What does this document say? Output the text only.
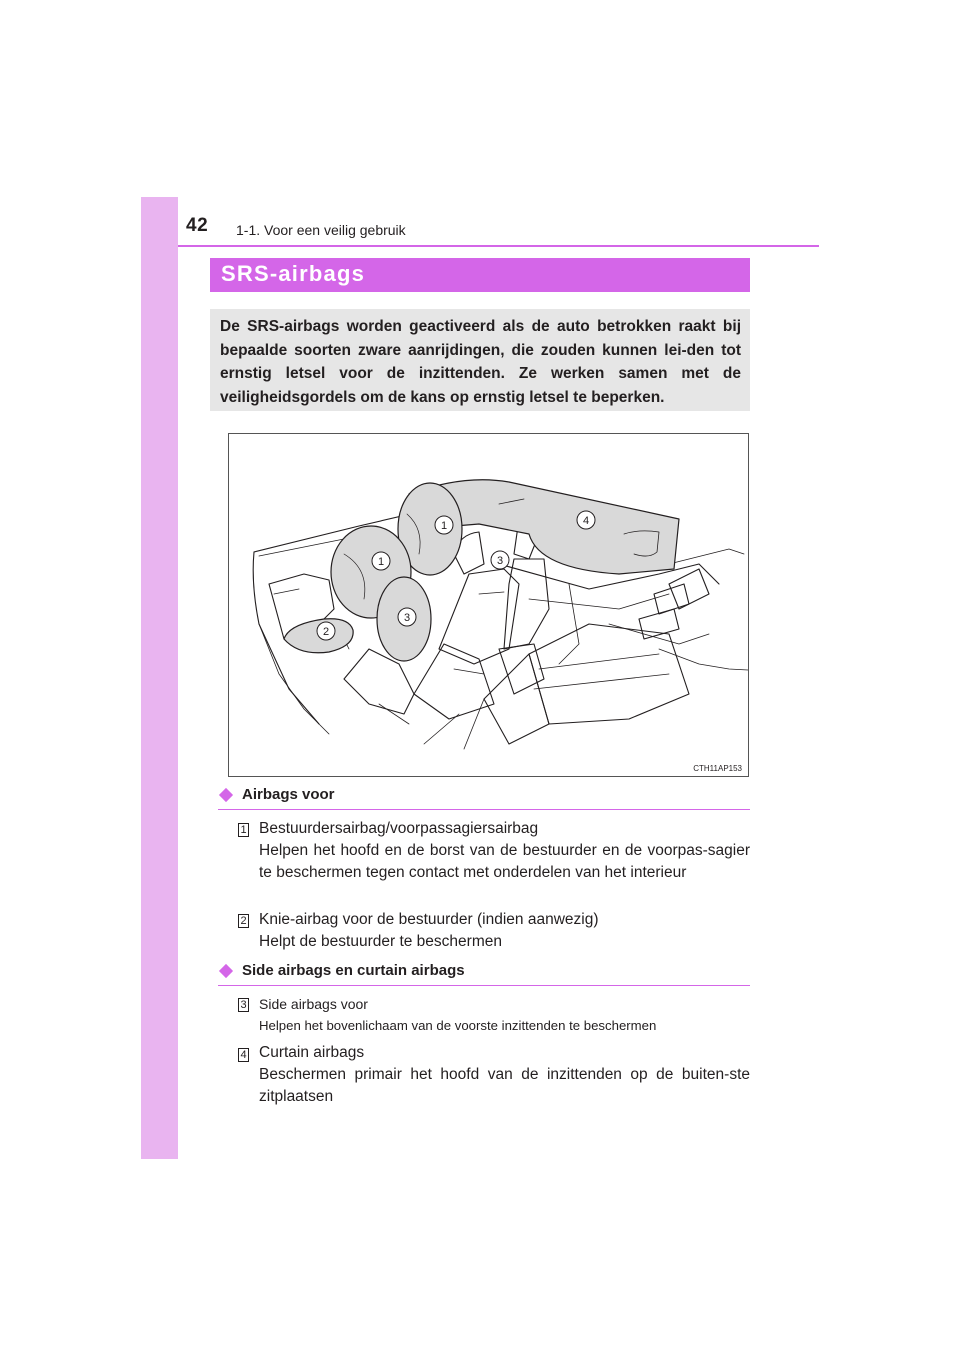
42 1-1. Voor een veilig gebruik
SRS-airbags

De SRS-airbags worden geactiveerd als de auto betrokken raakt bij bepaalde soorten zware aanrijdingen, die zouden kunnen lei-den tot ernstig letsel voor de inzittenden. Ze werken samen met de veiligheidsgordels om de kans op ernstig letsel te beperken.

1
1
2
3
3
4
CTH11AP153
Airbags voor
1 Bestuurdersairbag/voorpassagiersairbag
Helpen het hoofd en de borst van de bestuurder en de voorpas-sagier te beschermen tegen contact met onderdelen van het interieur
2 Knie-airbag voor de bestuurder (indien aanwezig)
Helpt de bestuurder te beschermen
Side airbags en curtain airbags
3 Side airbags voor
Helpen het bovenlichaam van de voorste inzittenden te beschermen
4 Curtain airbags
Beschermen primair het hoofd van de inzittenden op de buiten-ste zitplaatsen
